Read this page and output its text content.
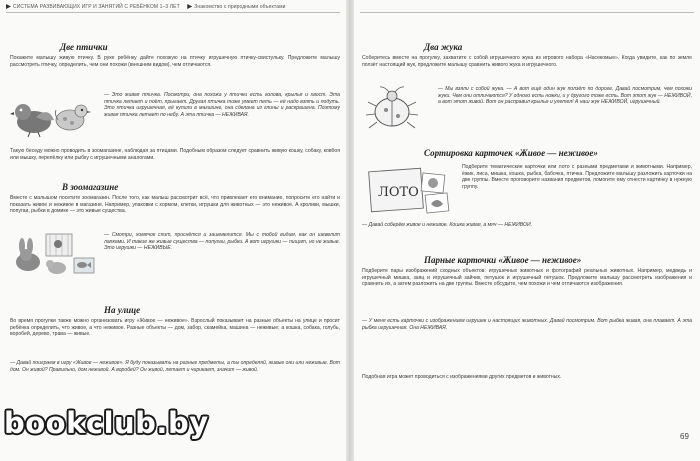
СИСТЕМА РАЗВИВАЮЩИХ ИГР И ЗАНЯТИЙ С РЕБЁНКОМ 1–3 ЛЕТ	Знакомство с природными объектами
Две птички
Покажите малышу живую птичку. В руке ребёнку дайте похожую на птичку игрушечную птичку-свистульку. Предложите малышу рассмотреть птичку, определить, чем они похожи (внешним видом), чем отличаются.
— Это живая птичка. Посмотри, она похожа у птички есть голова, крылья и хвост. Эта птичка летает и поёт, прыгает. Другая птичка тоже умеет петь — её надо взять и подуть. Это птичка игрушечная, её купили в магазине, она сделана из глины и раскрашена. Поэтому живая птичка летает по небу. А эта птичка — НЕЖИВАЯ.
Такую беседу можно проводить в зоомагазине, наблюдая за птицами. Подобным образом следует сравнить живую кошку, собаку, ковбоя или мышку, перепёлку или рыбку с игрушечными аналогами.
В зоомагазине
Вместе с малышом посетите зоомагазин. После того, как малыш рассмотрит всё, что привлекает его внимание, попросите его найти и показать живое и неживое в магазине. Например, упаковки с кормом, клетки, игрушки для животных — это неживое. А кролики, мышки, попугаи, рыбки в домике — это живые существа.
— Смотри, хомячок спит, проснётся и зашевелится. Мы с тобой видим, как он шевелит лапками. И такие же живые существа — попугаи, рыбки. А вот игрушки — пищат, но не живые. Это игрушки — НЕЖИВЫЕ.
На улице
Во время прогулки также можно организовать игру «Живое — неживое». Взрослый показывает на разные объекты на улице и просит ребёнка определить, что живое, а что неживое. Разные объекты — дом, забор, скамейка, машина — неживые; а кошка, собака, голубь, воробей, дерево, трава — живые.
— Давай поиграем в игру «Живое — неживое». Я буду показывать на разные предметы, а ты определяй, живые они или неживые. Вот дом. Он живой? Правильно, дом неживой. А воробей? Он живой, летает и чирикает, значит — живой.
Два жука
Соберитесь вместе на прогулку, захватите с собой игрушечного жука из игрового набора «Насекомые». Когда увидите, как по земле ползёт настоящий жук, предложите малышу сравнить живого жука и игрушечного.
— Мы взяли с собой жука. — А вот ещё один жук ползёт по дороге. Давай посмотрим, чем похожи жуки. Чем они отличаются? У одного есть ножки, и у другого тоже есть. Вот этот жук — НЕЖИВОЙ, а вот этот живой. Вот он расправил крылья и улетел! А наш жук НЕЖИВОЙ, игрушечный.
Сортировка карточек «Живое — неживое»
ЛОТО
Подберите тематические карточки или лото с разными предметами и животными. Например, ёжик, лиса, мишка, кошка, рыбка, бабочка, птичка. Предложите малышу разложить карточки на две группы. Вместе проговорите названия предметов, помогите ему отнести картинку в нужную группу.
— Давай соберём живое и неживое. Кошка живая, а мяч — НЕЖИВОЙ.
Парные карточки «Живое — неживое»
Подберите пары изображений сходных объектов: игрушечных животных и фотографий реальных животных. Например, медведь и игрушечный мишка, заяц и игрушечный зайчик, петушок и игрушечный петушок. Предложите малышу рассмотреть изображения и сравнить их, а затем разложить на две группы. Вместе обсудите, чем похожи и чем отличаются изображения.
— У меня есть карточки с изображением игрушек и настоящих животных. Давай посмотрим. Вот рыбка живая, она плавает. А эта рыбка игрушечная. Она НЕЖИВАЯ.
Подобная игра может проводиться с изображениями других предметов и животных.
69
bookclub.by
